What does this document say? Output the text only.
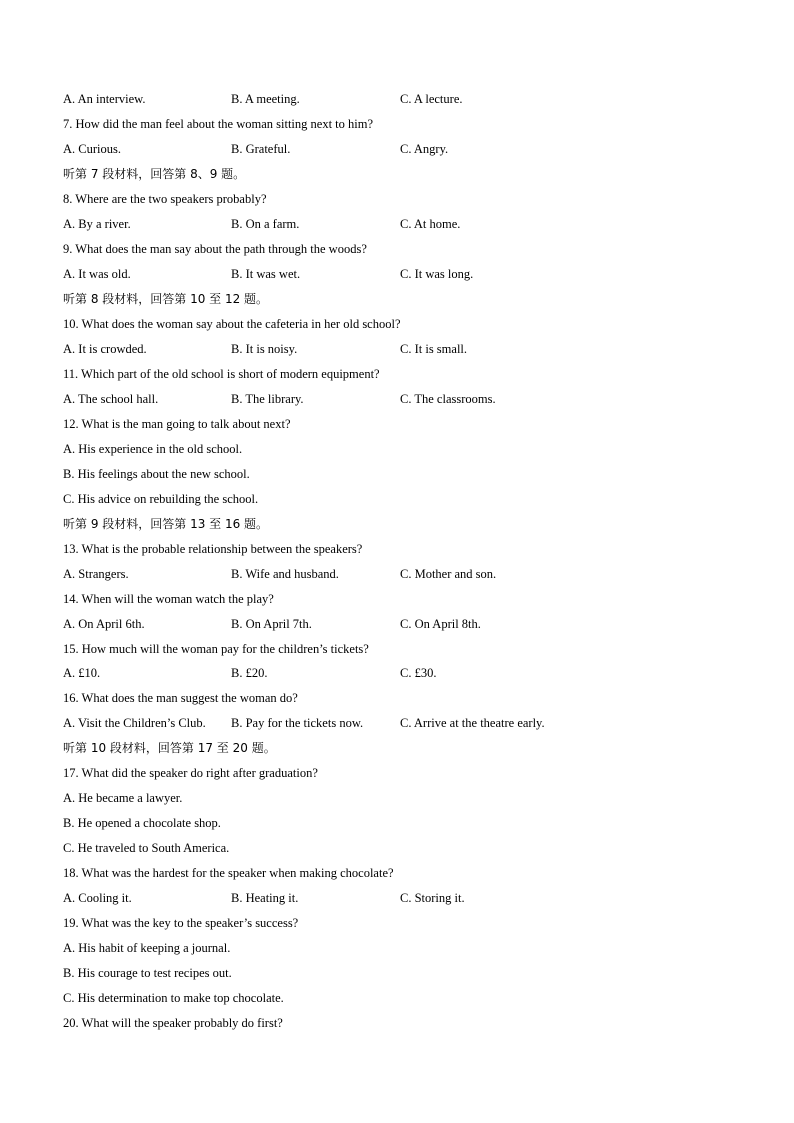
A. An interview.	B. A meeting.	C. A lecture.

7. How did the man feel about the woman sitting next to him?

A. Curious.	B. Grateful.	C. Angry.

听第 7 段材料，回答第 8、9 题。

8. Where are the two speakers probably?

A. By a river.	B. On a farm.	C. At home.

9. What does the man say about the path through the woods?

A. It was old.	B. It was wet.	C. It was long.

听第 8 段材料，回答第 10 至 12 题。

10. What does the woman say about the cafeteria in her old school?

A. It is crowded.	B. It is noisy.	C. It is small.

11. Which part of the old school is short of modern equipment?

A. The school hall.	B. The library.	C. The classrooms.

12. What is the man going to talk about next?

A. His experience in the old school.

B. His feelings about the new school.

C. His advice on rebuilding the school.

听第 9 段材料，回答第 13 至 16 题。

13. What is the probable relationship between the speakers?

A. Strangers.	B. Wife and husband.	C. Mother and son.

14. When will the woman watch the play?

A. On April 6th.	B. On April 7th.	C. On April 8th.

15. How much will the woman pay for the children’s tickets?

A. £10.	B. £20.	C. £30.

16. What does the man suggest the woman do?

A. Visit the Children’s Club. B. Pay for the tickets now.	C. Arrive at the theatre early.

听第 10 段材料，回答第 17 至 20 题。

17. What did the speaker do right after graduation?

A. He became a lawyer.

B. He opened a chocolate shop.

C. He traveled to South America.

18. What was the hardest for the speaker when making chocolate?

A. Cooling it.	B. Heating it.	C. Storing it.

19. What was the key to the speaker’s success?

A. His habit of keeping a journal.

B. His courage to test recipes out.

C. His determination to make top chocolate.

20. What will the speaker probably do first?
